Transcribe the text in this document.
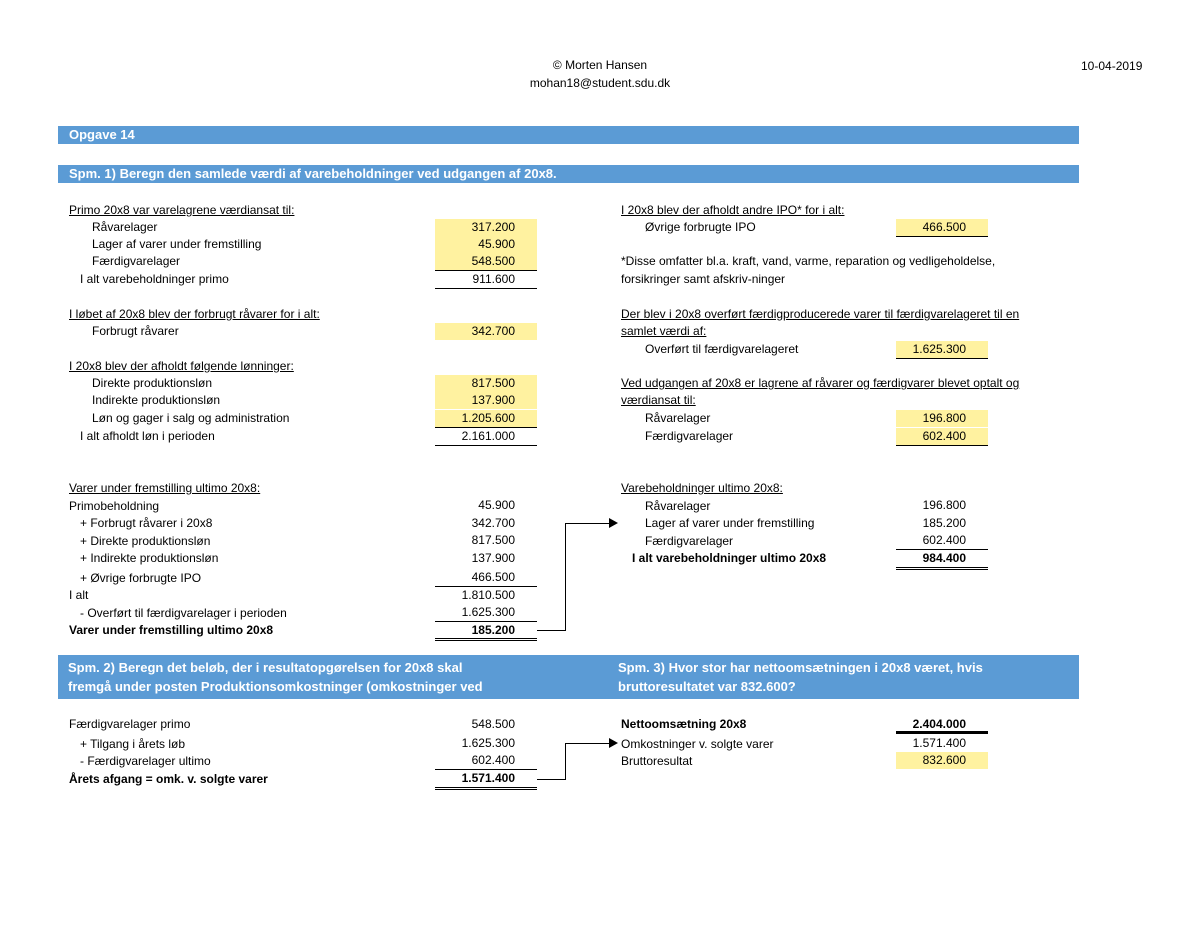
© Morten Hansen
mohan18@student.sdu.dk
10-04-2019
Opgave 14
Spm. 1) Beregn den samlede værdi af varebeholdninger ved udgangen af 20x8.
Primo 20x8 var varelagrene værdiansat til:
Råvarelager	317.200
Lager af varer under fremstilling	45.900
Færdigvarelager	548.500
I alt varebeholdninger primo	911.600
I løbet af 20x8 blev der forbrugt råvarer for i alt:
Forbrugt råvarer	342.700
I 20x8 blev der afholdt følgende lønninger:
Direkte produktionsløn	817.500
Indirekte produktionsløn	137.900
Løn og gager i salg og administration	1.205.600
I alt afholdt løn i perioden	2.161.000
I 20x8 blev der afholdt andre IPO* for i alt:
Øvrige forbrugte IPO	466.500
*Disse omfatter bl.a. kraft, vand, varme, reparation og vedligeholdelse,
forsikringer samt afskriv-ninger
Der blev i 20x8 overført færdigproducerede varer til færdigvarelageret til en
samlet værdi af:
Overført til færdigvarelageret	1.625.300
Ved udgangen af 20x8 er lagrene af råvarer og færdigvarer blevet optalt og
værdiansat til:
Råvarelager	196.800
Færdigvarelager	602.400
Varer under fremstilling ultimo 20x8:
Primobeholdning	45.900
+ Forbrugt råvarer i 20x8	342.700
+ Direkte produktionsløn	817.500
+ Indirekte produktionsløn	137.900
+ Øvrige forbrugte IPO	466.500
I alt	1.810.500
- Overført til færdigvarelager i perioden	1.625.300
Varer under fremstilling ultimo 20x8	185.200
Varebeholdninger ultimo 20x8:
Råvarelager	196.800
Lager af varer under fremstilling	185.200
Færdigvarelager	602.400
I alt varebeholdninger ultimo 20x8	984.400
Spm. 2) Beregn det beløb, der i resultatopgørelsen for 20x8 skal
fremgå under posten Produktionsomkostninger (omkostninger ved
Spm. 3) Hvor stor har nettoomsætningen i 20x8 været, hvis
bruttoresultatet var 832.600?
Færdigvarelager primo	548.500
+ Tilgang i årets løb	1.625.300
- Færdigvarelager ultimo	602.400
Årets afgang = omk. v. solgte varer	1.571.400
Nettoomsætning 20x8	2.404.000
Omkostninger v. solgte varer	1.571.400
Bruttoresultat	832.600
